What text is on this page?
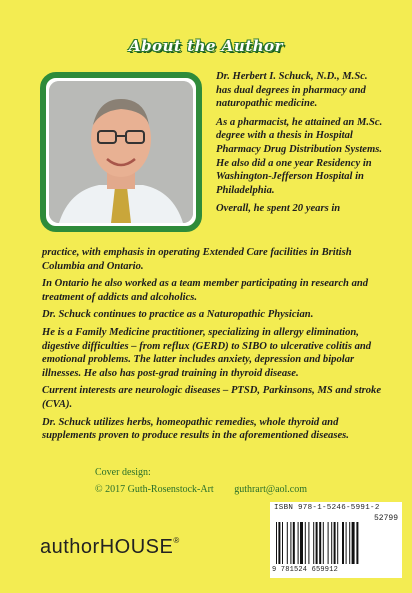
About the Author

Dr. Herbert I. Schuck, N.D., M.Sc. has dual degrees in pharmacy and naturopathic medicine.

As a pharmacist, he attained an M.Sc. degree with a thesis in Hospital Pharmacy Drug Distribution Systems. He also did a one year Residency in Washington-Jefferson Hospital in Philadelphia.

Overall, he spent 20 years in

practice, with emphasis in operating Extended Care facilities in British Columbia and Ontario.

In Ontario he also worked as a team member participating in research and treatment of addicts and alcoholics.

Dr. Schuck continues to practice as a Naturopathic Physician.

He is a Family Medicine practitioner, specializing in allergy elimination, digestive difficulties – from reflux (GERD) to SIBO to ulcerative colitis and emotional problems. The latter includes anxiety, depression and bipolar illnesses. He also has post-grad training in thyroid disease.

Current interests are neurologic diseases – PTSD, Parkinsons, MS and stroke (CVA).

Dr. Schuck utilizes herbs, homeopathic remedies, whole thyroid and supplements proven to produce results in the aforementioned diseases.

Cover design:
© 2017 Guth-Rosenstock-Art guthrart@aol.com
authorHOUSE®
ISBN 978-1-5246-5991-2
52799
9 781524 659912
